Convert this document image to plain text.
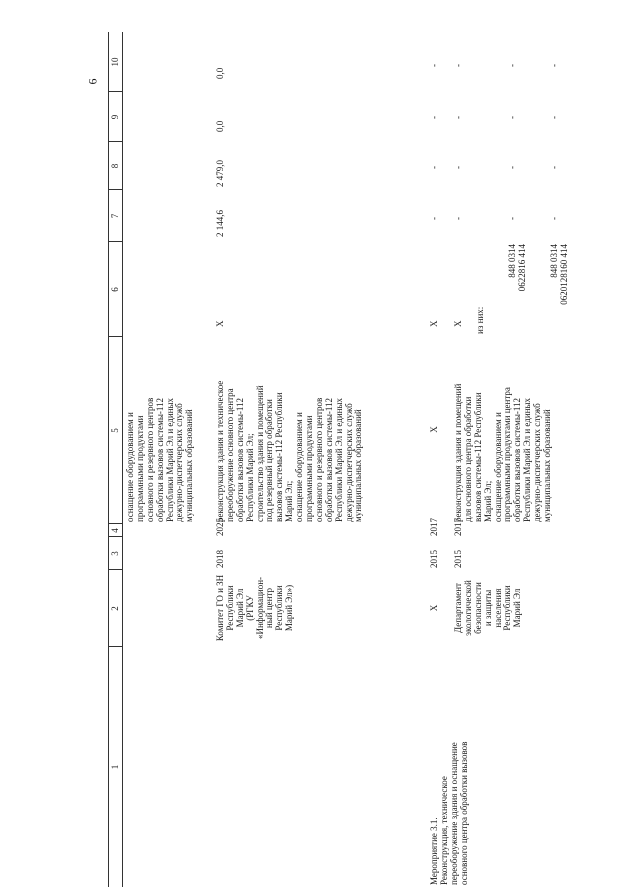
6
1
2
3
4
5
6
7
8
9
10
оснащение оборудованием и
программными продуктами
основного и резервного центров
обработки вызовов системы-112
Республики Марий Эл и единых
дежурно-диспетчерских служб
муниципальных образований
Комитет ГО и ЗН
Республики
Марий Эл
(РГКУ
«Информацион-
ный центр
Республики
Марий Эл»)
2018
2025
реконструкция здания и техническое
переоборужение основного центра
обработки вызовов системы-112
Республики Марий Эл;
строительство здания и помещений
под резервный центр обработки
вызовов системы-112 Республики
Марий Эл;
оснащение оборудованием и
программными продуктами
основного и резервного центров
обработки вызовов системы-112
Республики Марий Эл и единых
дежурно-диспетчерских служб
муниципальных образований
Х
2 144,6
2 479,0
0,0
0,0
Мероприятие 3.1.
Реконструкция, техническое
переоборужение здания и оснащение
основного центра обработки вызовов
Х
2015
2017
Х
Х
-
-
-
-
Департамент
экологической
безопасности
и защиты
населения
Республики
Марий Эл
2015
2017
реконструкция здания и помещений
для основного центра обработки
вызовов системы-112 Республики
Марий Эл;
оснащение оборудованием и
программными продуктами центра
обработки вызовов системы-112
Республики Марий Эл и единых
дежурно-диспетчерских служб
муниципальных образований
Х
-
-
-
-
из них:
848 0314
0622816 414
-
-
-
-
848 0314
0620128160 414
-
-
-
-
